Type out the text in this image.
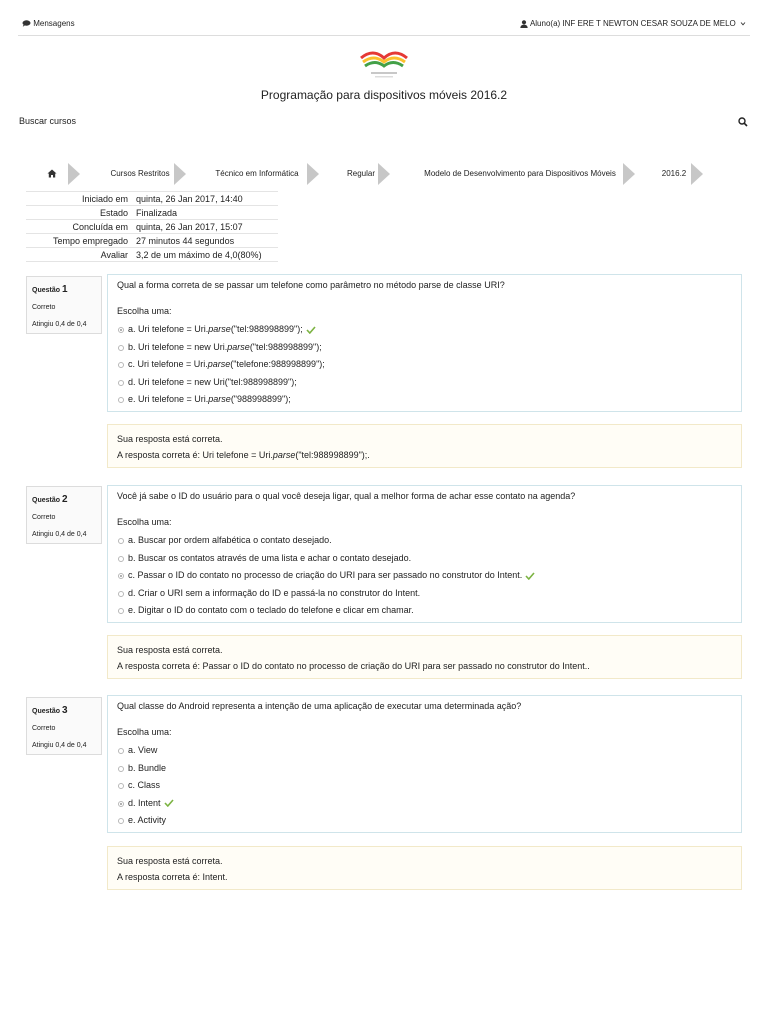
Mensagens	Aluno(a) INF ERE T NEWTON CESAR SOUZA DE MELO
Programação para dispositivos móveis 2016.2
Buscar cursos
Cursos Restritos	Técnico em Informática	Regular	Modelo de Desenvolvimento para Dispositivos Móveis	2016.2
Iniciado em	quinta, 26 Jan 2017, 14:40
Estado	Finalizada
Concluída em	quinta, 26 Jan 2017, 15:07
Tempo empregado	27 minutos 44 segundos
Avaliar	3,2 de um máximo de 4,0(80%)
Questão 1
Correto
Atingiu 0,4 de 0,4
Qual a forma correta de se passar um telefone como parâmetro no método parse de classe URI?
Escolha uma:
a. Uri telefone = Uri.parse("tel:988998899");
b. Uri telefone = new Uri.parse("tel:988998899");
c. Uri telefone = Uri.parse("telefone:988998899");
d. Uri telefone = new Uri("tel:988998899");
e. Uri telefone = Uri.parse("988998899");
Sua resposta está correta.
A resposta correta é: Uri telefone = Uri.parse("tel:988998899");.
Questão 2
Correto
Atingiu 0,4 de 0,4
Você já sabe o ID do usuário para o qual você deseja ligar, qual a melhor forma de achar esse contato na agenda?
Escolha uma:
a. Buscar por ordem alfabética o contato desejado.
b. Buscar os contatos através de uma lista e achar o contato desejado.
c. Passar o ID do contato no processo de criação do URI para ser passado no construtor do Intent.
d. Criar o URI sem a informação do ID e passá-la no construtor do Intent.
e. Digitar o ID do contato com o teclado do telefone e clicar em chamar.
Sua resposta está correta.
A resposta correta é: Passar o ID do contato no processo de criação do URI para ser passado no construtor do Intent..
Questão 3
Correto
Atingiu 0,4 de 0,4
Qual classe do Android representa a intenção de uma aplicação de executar uma determinada ação?
Escolha uma:
a. View
b. Bundle
c. Class
d. Intent
e. Activity
Sua resposta está correta.
A resposta correta é: Intent.
